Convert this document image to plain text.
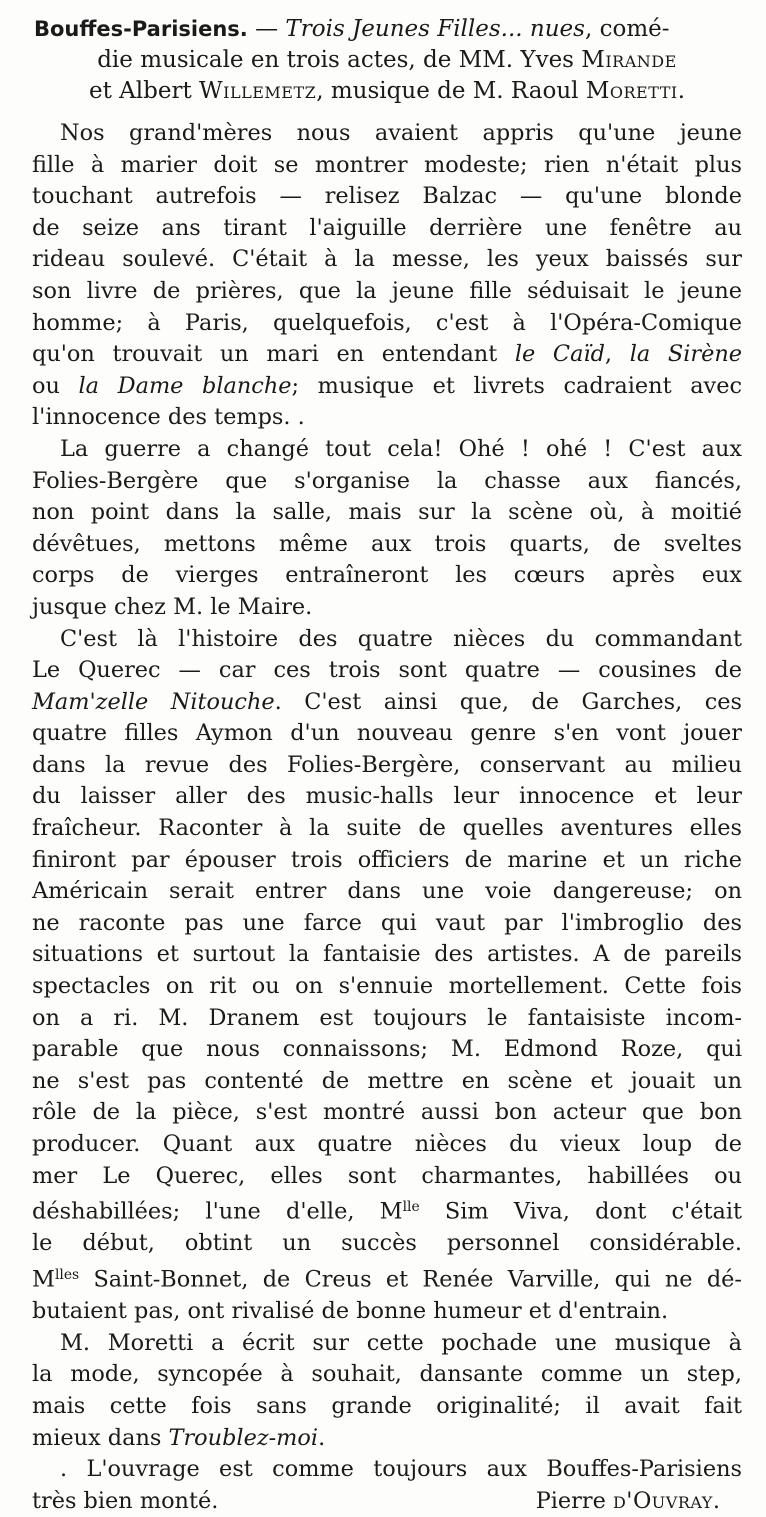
Bouffes-Parisiens. — Trois Jeunes Filles... nues, comé-
die musicale en trois actes, de MM. Yves Mirande
et Albert Willemetz, musique de M. Raoul Moretti.
Nos grand'mères nous avaient appris qu'une jeune
fille à marier doit se montrer modeste; rien n'était plus
touchant autrefois — relisez Balzac — qu'une blonde
de seize ans tirant l'aiguille derrière une fenêtre au
rideau soulevé. C'était à la messe, les yeux baissés sur
son livre de prières, que la jeune fille séduisait le jeune
homme; à Paris, quelquefois, c'est à l'Opéra-Comique
qu'on trouvait un mari en entendant le Caïd, la Sirène
ou la Dame blanche; musique et livrets cadraient avec
l'innocence des temps. .
La guerre a changé tout cela! Ohé ! ohé ! C'est aux
Folies-Bergère que s'organise la chasse aux fiancés,
non point dans la salle, mais sur la scène où, à moitié
dévêtues, mettons même aux trois quarts, de sveltes
corps de vierges entraîneront les cœurs après eux
jusque chez M. le Maire.
C'est là l'histoire des quatre nièces du commandant
Le Querec — car ces trois sont quatre — cousines de
Mam'zelle Nitouche. C'est ainsi que, de Garches, ces
quatre filles Aymon d'un nouveau genre s'en vont jouer
dans la revue des Folies-Bergère, conservant au milieu
du laisser aller des music-halls leur innocence et leur
fraîcheur. Raconter à la suite de quelles aventures elles
finiront par épouser trois officiers de marine et un riche
Américain serait entrer dans une voie dangereuse; on
ne raconte pas une farce qui vaut par l'imbroglio des
situations et surtout la fantaisie des artistes. A de pareils
spectacles on rit ou on s'ennuie mortellement. Cette fois
on a ri. M. Dranem est toujours le fantaisiste incom-
parable que nous connaissons; M. Edmond Roze, qui
ne s'est pas contenté de mettre en scène et jouait un
rôle de la pièce, s'est montré aussi bon acteur que bon
producer. Quant aux quatre nièces du vieux loup de
mer Le Querec, elles sont charmantes, habillées ou
déshabillées; l'une d'elle, $M^{lle}$ Sim Viva, dont c'était
le début, obtint un succès personnel considérable.
$M^{lles}$ Saint-Bonnet, de Creus et Renée Varville, qui ne dé-
butaient pas, ont rivalisé de bonne humeur et d'entrain.
M. Moretti a écrit sur cette pochade une musique à
la mode, syncopée à souhait, dansante comme un step,
mais cette fois sans grande originalité; il avait fait
mieux dans Troublez-moi.
. L'ouvrage est comme toujours aux Bouffes-Parisiens
très bien monté.	Pierre d'Ouvray.
